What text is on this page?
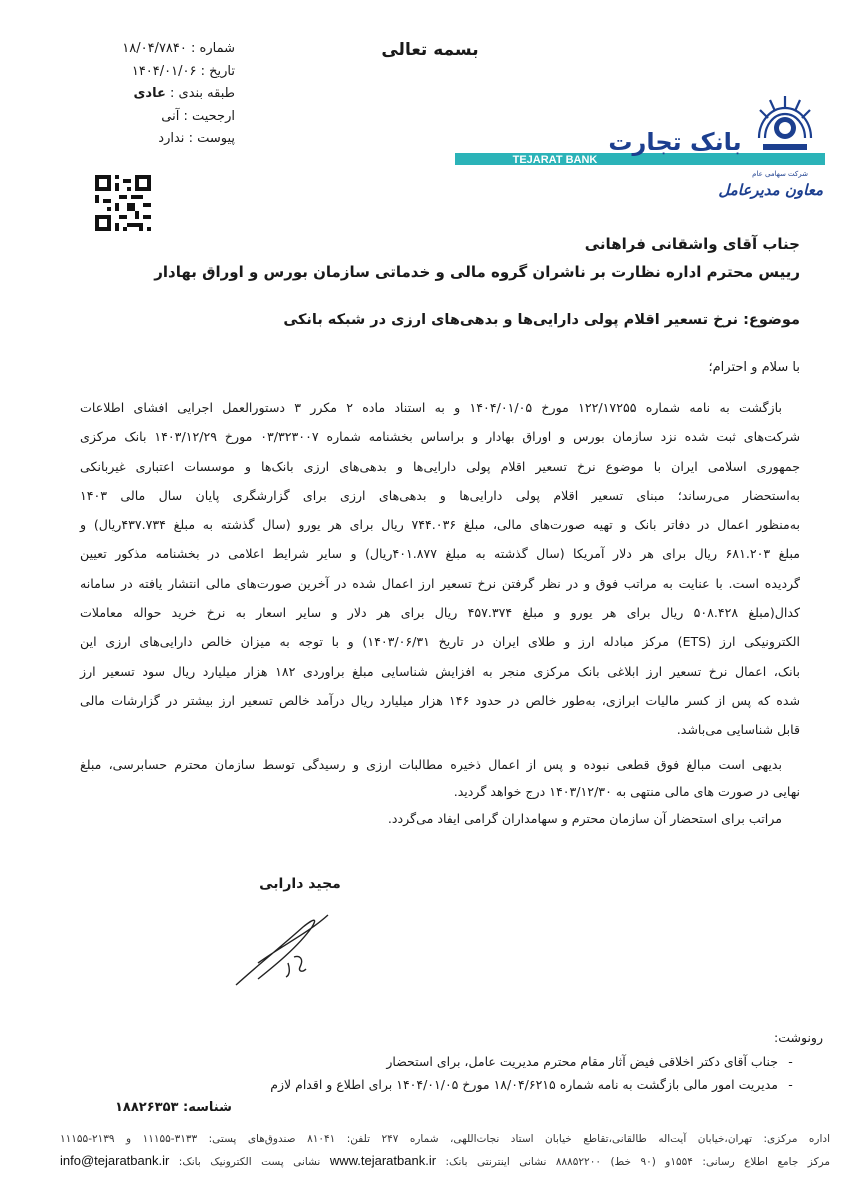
بسمه تعالی
شماره : ۱۸/۰۴/۷۸۴۰
تاریخ : ۱۴۰۴/۰۱/۰۶
طبقه بندی : عادی
ارجحیت : آنی
پیوست : ندارد
TEJARAT BANK
بانک تجارت
شرکت سهامی عام
معاون مدیرعامل
جناب آقای واشقانی فراهانی
رییس محترم اداره نظارت بر ناشران گروه مالی و خدماتی سازمان بورس و اوراق بهادار
موضوع: نرخ تسعیر اقلام پولی دارایی‌ها و بدهی‌های ارزی در شبکه بانکی
با سلام و احترام؛
بازگشت به نامه شماره ۱۲۲/۱۷۲۵۵ مورخ ۱۴۰۴/۰۱/۰۵ و به استناد ماده ۲ مکرر ۳ دستورالعمل اجرایی افشای اطلاعات
شرکت‌های ثبت شده نزد سازمان بورس و اوراق بهادار و براساس بخشنامه شماره ۰۳/۳۲۳۰۰۷ مورخ ۱۴۰۳/۱۲/۲۹ بانک مرکزی
جمهوری اسلامی ایران با موضوع نرخ تسعیر اقلام پولی دارایی‌ها و بدهی‌های ارزی بانک‌ها و موسسات اعتباری غیربانکی
به‌استحضار می‌رساند؛ مبنای تسعیر اقلام پولی دارایی‌ها و بدهی‌های ارزی برای گزارشگری پایان سال مالی ۱۴۰۳
به‌منظور اعمال در دفاتر بانک و تهیه صورت‌های مالی، مبلغ ۷۴۴.۰۳۶ ریال برای هر یورو (سال گذشته به مبلغ ۴۳۷.۷۳۴ریال) و
مبلغ ۶۸۱.۲۰۳ ریال برای هر دلار آمریکا (سال گذشته به مبلغ ۴۰۱.۸۷۷ریال) و سایر شرایط اعلامی در بخشنامه مذکور تعیین
گردیده است. با عنایت به مراتب فوق و در نظر گرفتن نرخ تسعیر ارز اعمال شده در آخرین صورت‌های مالی انتشار یافته در سامانه
کدال(مبلغ ۵۰۸.۴۲۸ ریال برای هر یورو و مبلغ ۴۵۷.۳۷۴ ریال برای هر دلار و سایر اسعار به نرخ خرید حواله معاملات
الکترونیکی ارز (ETS) مرکز مبادله ارز و طلای ایران در تاریخ ۱۴۰۳/۰۶/۳۱) و با توجه به میزان خالص دارایی‌های ارزی این
بانک، اعمال نرخ تسعیر ارز ابلاغی بانک مرکزی منجر به افزایش شناسایی مبلغ براوردی ۱۸۲ هزار میلیارد ریال سود تسعیر ارز
شده که پس از کسر مالیات ابرازی، به‌طور خالص در حدود ۱۴۶ هزار میلیارد ریال درآمد خالص تسعیر ارز بیشتر در گزارشات مالی
قابل شناسایی می‌باشد.
بدیهی است مبالغ فوق قطعی نبوده و پس از اعمال ذخیره مطالبات ارزی و رسیدگی توسط سازمان محترم حسابرسی، مبلغ
نهایی در صورت های مالی منتهی به ۱۴۰۳/۱۲/۳۰ درج خواهد گردید.
مراتب برای استحضار آن سازمان محترم و سهامداران گرامی ایفاد می‌گردد.
مجید دارابی
رونوشت:
-جناب آقای دکتر اخلاقی فیض آثار مقام محترم مدیریت عامل، برای استحضار
-مدیریت امور مالی بازگشت به نامه شماره ۱۸/۰۴/۶۲۱۵ مورخ ۱۴۰۴/۰۱/۰۵ برای اطلاع و اقدام لازم
شناسه: ۱۸۸۲۶۳۵۳
اداره مرکزی: تهران،خیابان آیت‌اله طالقانی،تقاطع خیابان استاد نجات‌اللهی، شماره ۲۴۷ تلفن: ۸۱۰۴۱ صندوق‌های پستی: ۳۱۳۳-۱۱۱۵۵ و ۲۱۳۹-۱۱۱۵۵
مرکز جامع اطلاع رسانی: ۱۵۵۴و (۹۰ خط) ۸۸۸۵۲۲۰۰ نشانی اینترنتی بانک: www.tejaratbank.ir نشانی پست الکترونیک بانک: info@tejaratbank.ir
